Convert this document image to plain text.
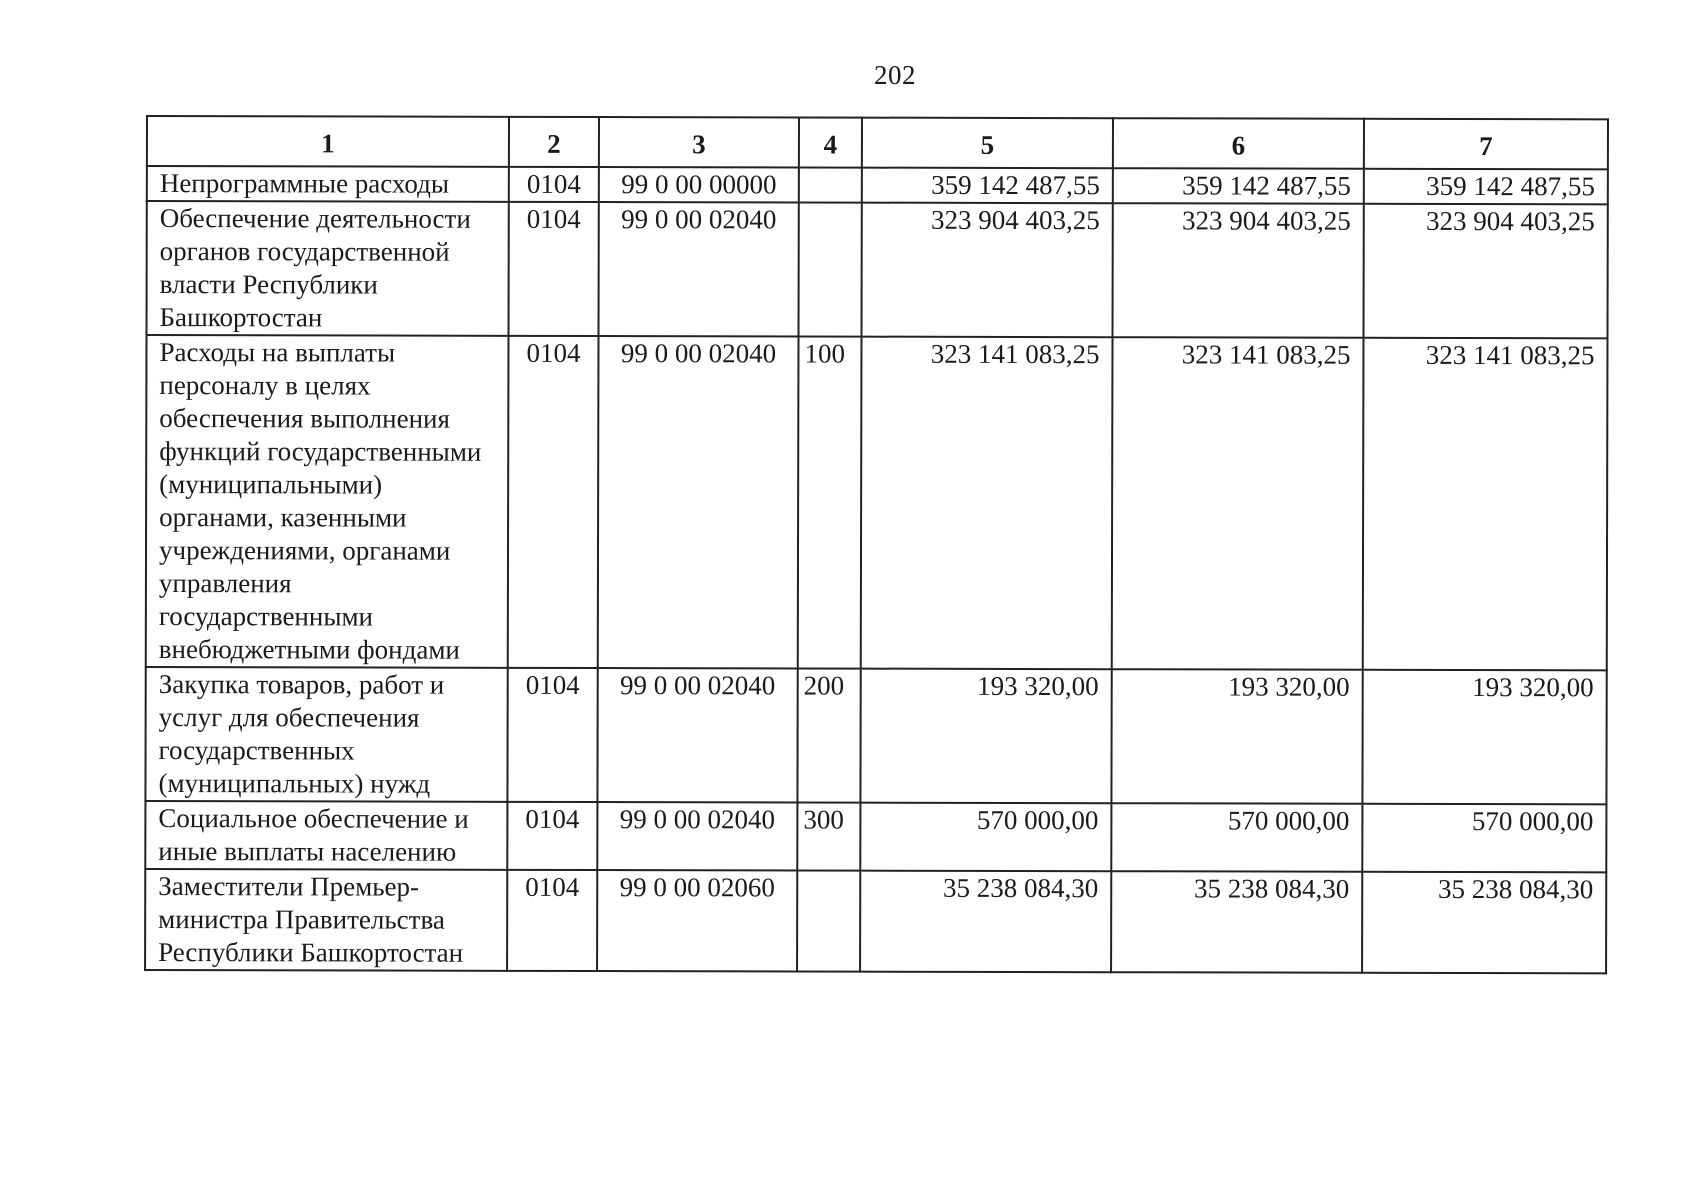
202
1	2	3	4	5	6	7
Непрограммные расходы	0104	99 0 00 00000		359 142 487,55	359 142 487,55	359 142 487,55
Обеспечение деятельности органов государственной власти Республики Башкортостан	0104	99 0 00 02040		323 904 403,25	323 904 403,25	323 904 403,25
Расходы на выплаты персоналу в целях обеспечения выполнения функций государственными (муниципальными) органами, казенными учреждениями, органами управления государственными внебюджетными фондами	0104	99 0 00 02040	100	323 141 083,25	323 141 083,25	323 141 083,25
Закупка товаров, работ и услуг для обеспечения государственных (муниципальных) нужд	0104	99 0 00 02040	200	193 320,00	193 320,00	193 320,00
Социальное обеспечение и иные выплаты населению	0104	99 0 00 02040	300	570 000,00	570 000,00	570 000,00
Заместители Премьер-министра Правительства Республики Башкортостан	0104	99 0 00 02060		35 238 084,30	35 238 084,30	35 238 084,30
